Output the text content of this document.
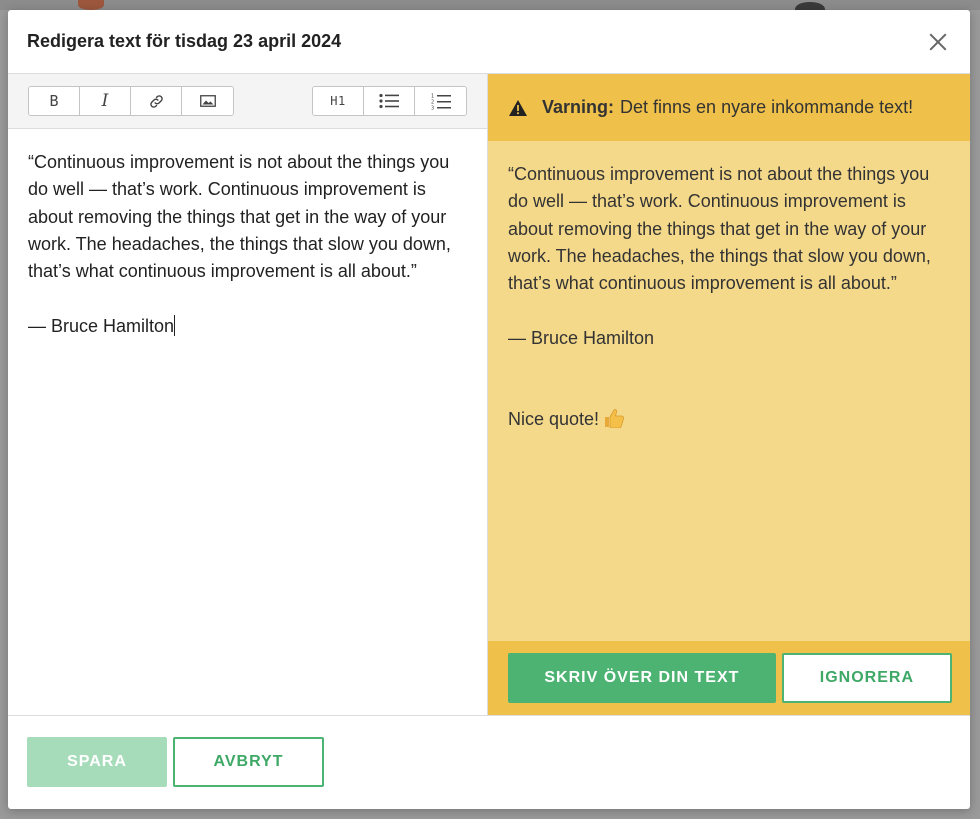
Redigera text för tisdag 23 april 2024
B	I	H1	1
2
3

“Continuous improvement is not about the things you do well — that’s work. Continuous improvement is about removing the things that get in the way of your work. The headaches, the things that slow you down, that’s what continuous improvement is all about.”

— Bruce Hamilton

Varning: Det finns en nyare inkommande text!

“Continuous improvement is not about the things you do well — that’s work. Continuous improvement is about removing the things that get in the way of your work. The headaches, the things that slow you down, that’s what continuous improvement is all about.”

— Bruce Hamilton

Nice quote!

SKRIV ÖVER DIN TEXT	IGNORERA
SPARA	AVBRYT
